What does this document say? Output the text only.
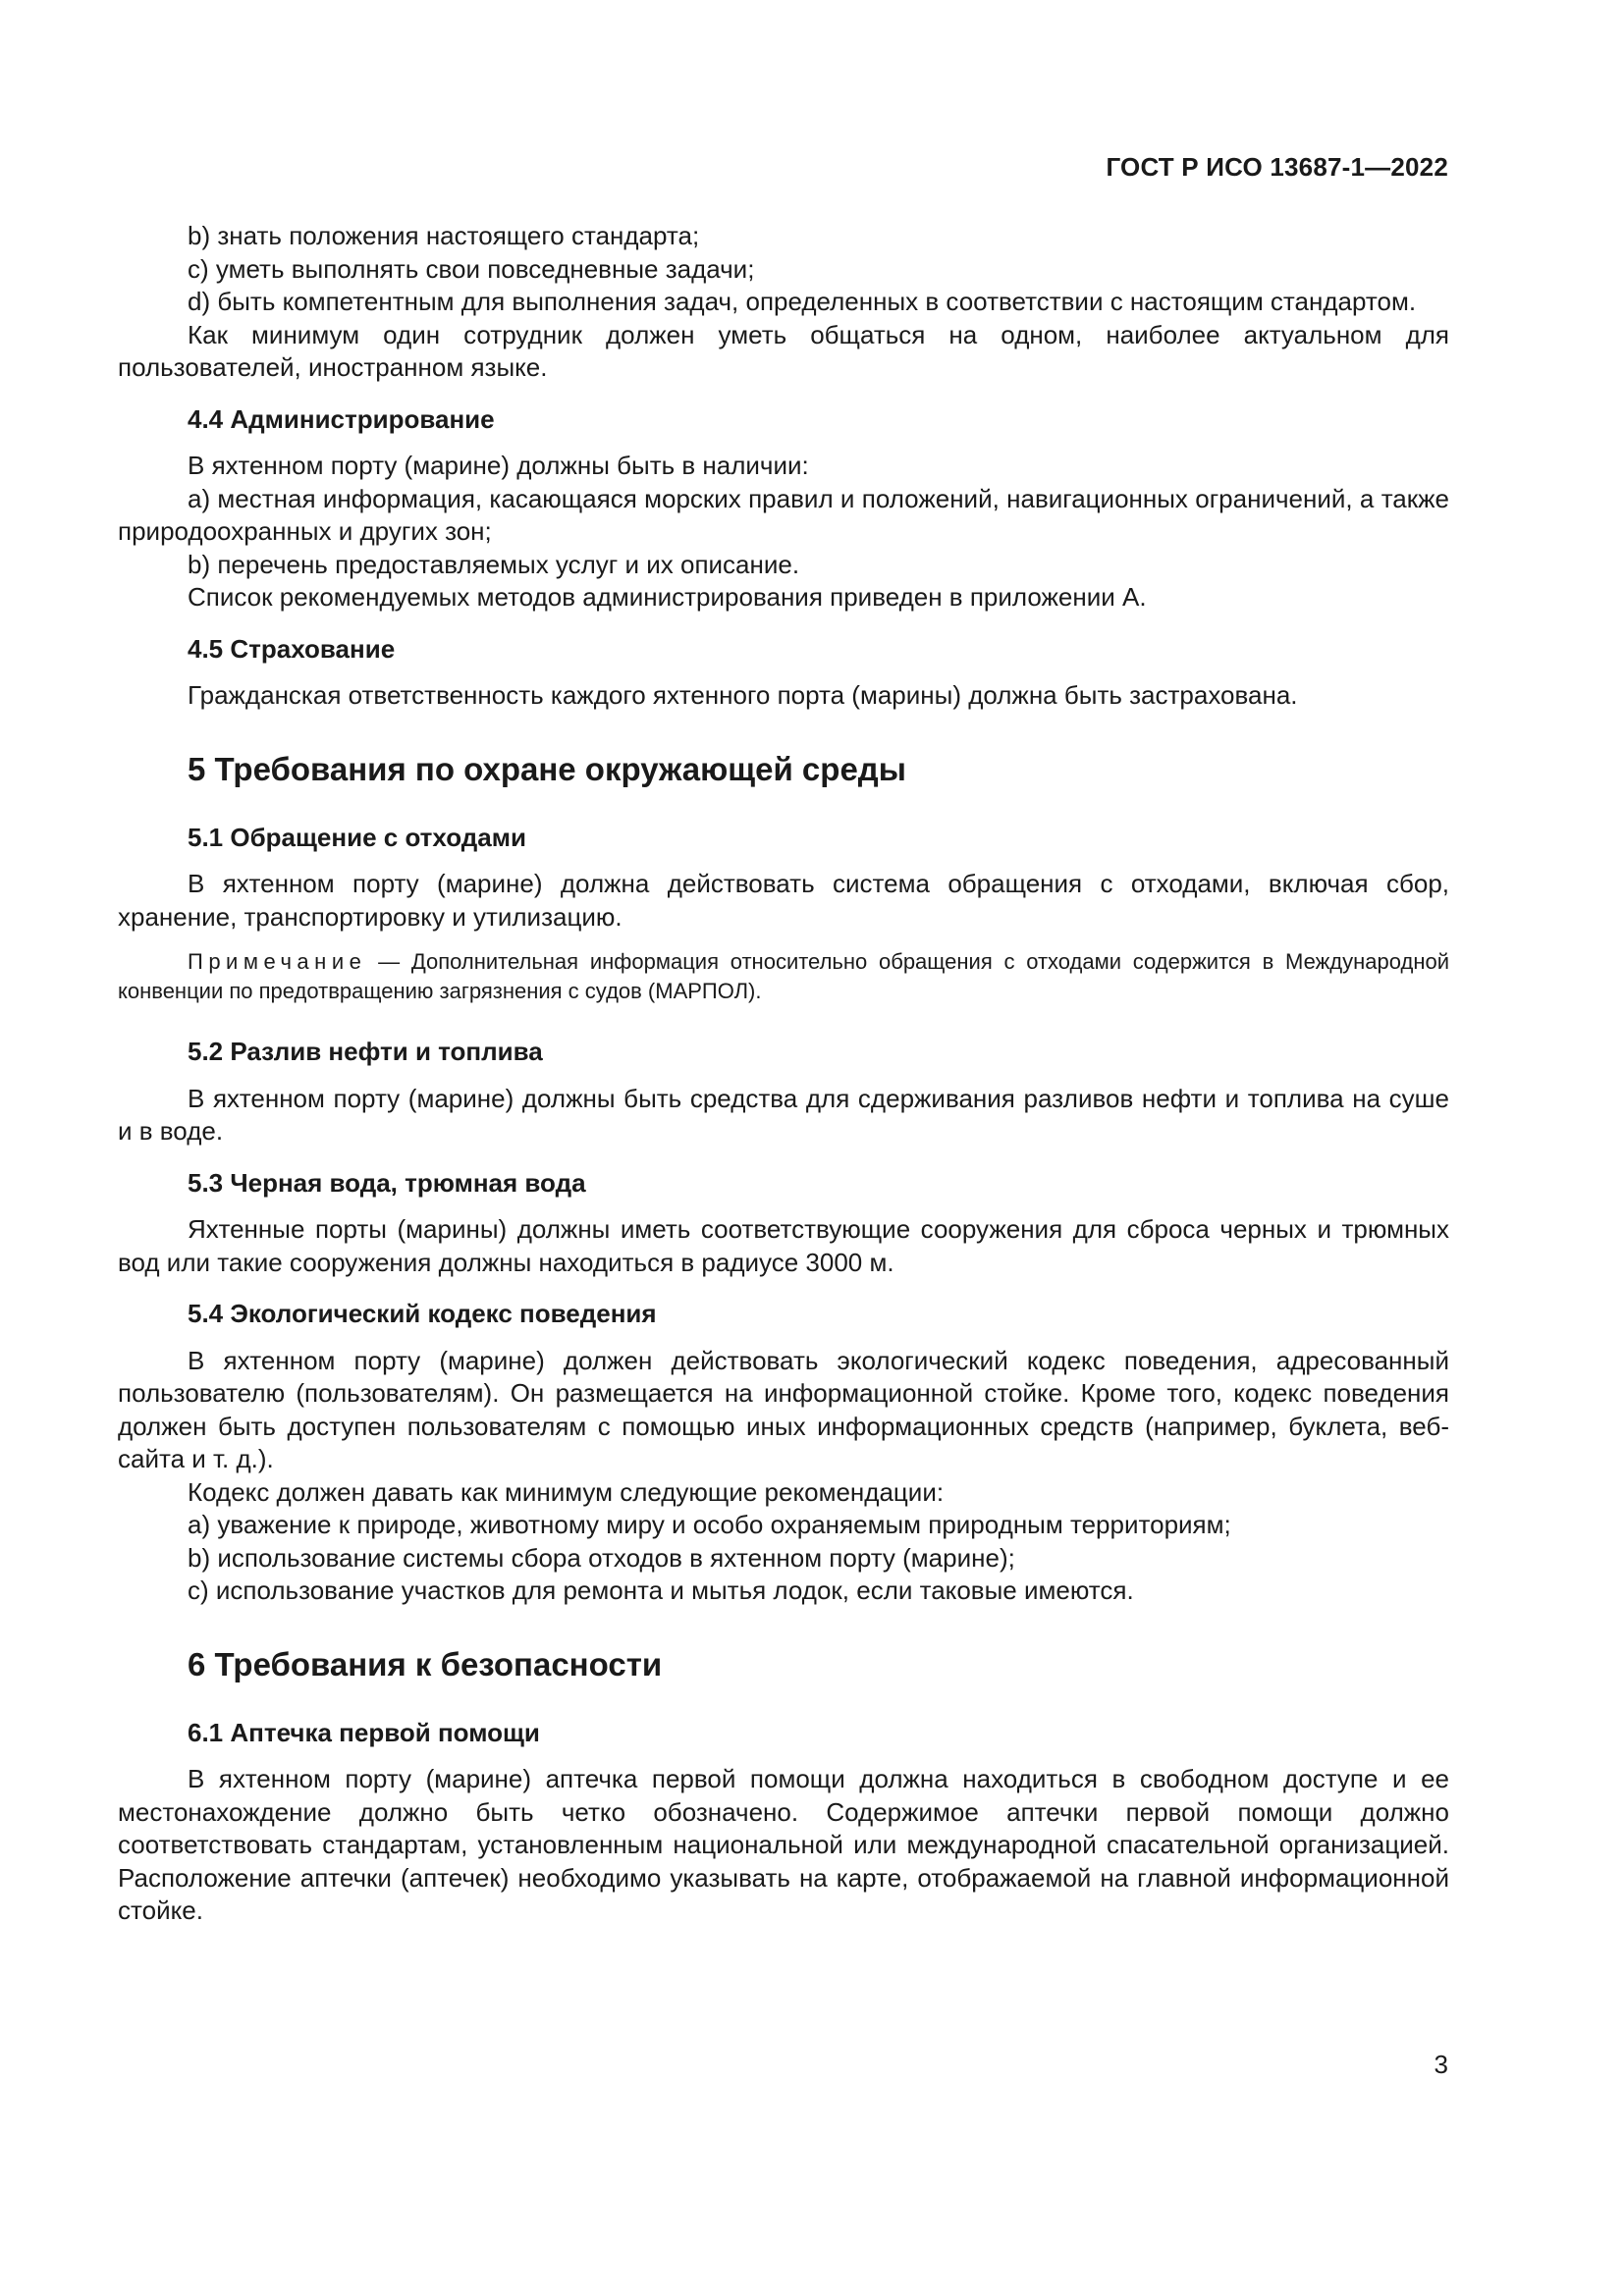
ГОСТ Р ИСО 13687-1—2022

b) знать положения настоящего стандарта;

c) уметь выполнять свои повседневные задачи;

d) быть компетентным для выполнения задач, определенных в соответствии с настоящим стандартом.

Как минимум один сотрудник должен уметь общаться на одном, наиболее актуальном для пользователей, иностранном языке.

4.4 Администрирование

В яхтенном порту (марине) должны быть в наличии:

a) местная информация, касающаяся морских правил и положений, навигационных ограничений, а также природоохранных и других зон;

b) перечень предоставляемых услуг и их описание.

Список рекомендуемых методов администрирования приведен в приложении А.

4.5 Страхование

Гражданская ответственность каждого яхтенного порта (марины) должна быть застрахована.

5 Требования по охране окружающей среды
5.1 Обращение с отходами

В яхтенном порту (марине) должна действовать система обращения с отходами, включая сбор, хранение, транспортировку и утилизацию.

Примечание — Дополнительная информация относительно обращения с отходами содержится в Международной конвенции по предотвращению загрязнения с судов (МАРПОЛ).

5.2 Разлив нефти и топлива

В яхтенном порту (марине) должны быть средства для сдерживания разливов нефти и топлива на суше и в воде.

5.3 Черная вода, трюмная вода

Яхтенные порты (марины) должны иметь соответствующие сооружения для сброса черных и трюмных вод или такие сооружения должны находиться в радиусе 3000 м.

5.4 Экологический кодекс поведения

В яхтенном порту (марине) должен действовать экологический кодекс поведения, адресованный пользователю (пользователям). Он размещается на информационной стойке. Кроме того, кодекс поведения должен быть доступен пользователям с помощью иных информационных средств (например, буклета, веб-сайта и т. д.).

Кодекс должен давать как минимум следующие рекомендации:

a) уважение к природе, животному миру и особо охраняемым природным территориям;

b) использование системы сбора отходов в яхтенном порту (марине);

c) использование участков для ремонта и мытья лодок, если таковые имеются.

6 Требования к безопасности
6.1 Аптечка первой помощи

В яхтенном порту (марине) аптечка первой помощи должна находиться в свободном доступе и ее местонахождение должно быть четко обозначено. Содержимое аптечки первой помощи должно соответствовать стандартам, установленным национальной или международной спасательной организацией. Расположение аптечки (аптечек) необходимо указывать на карте, отображаемой на главной информационной стойке.

3
